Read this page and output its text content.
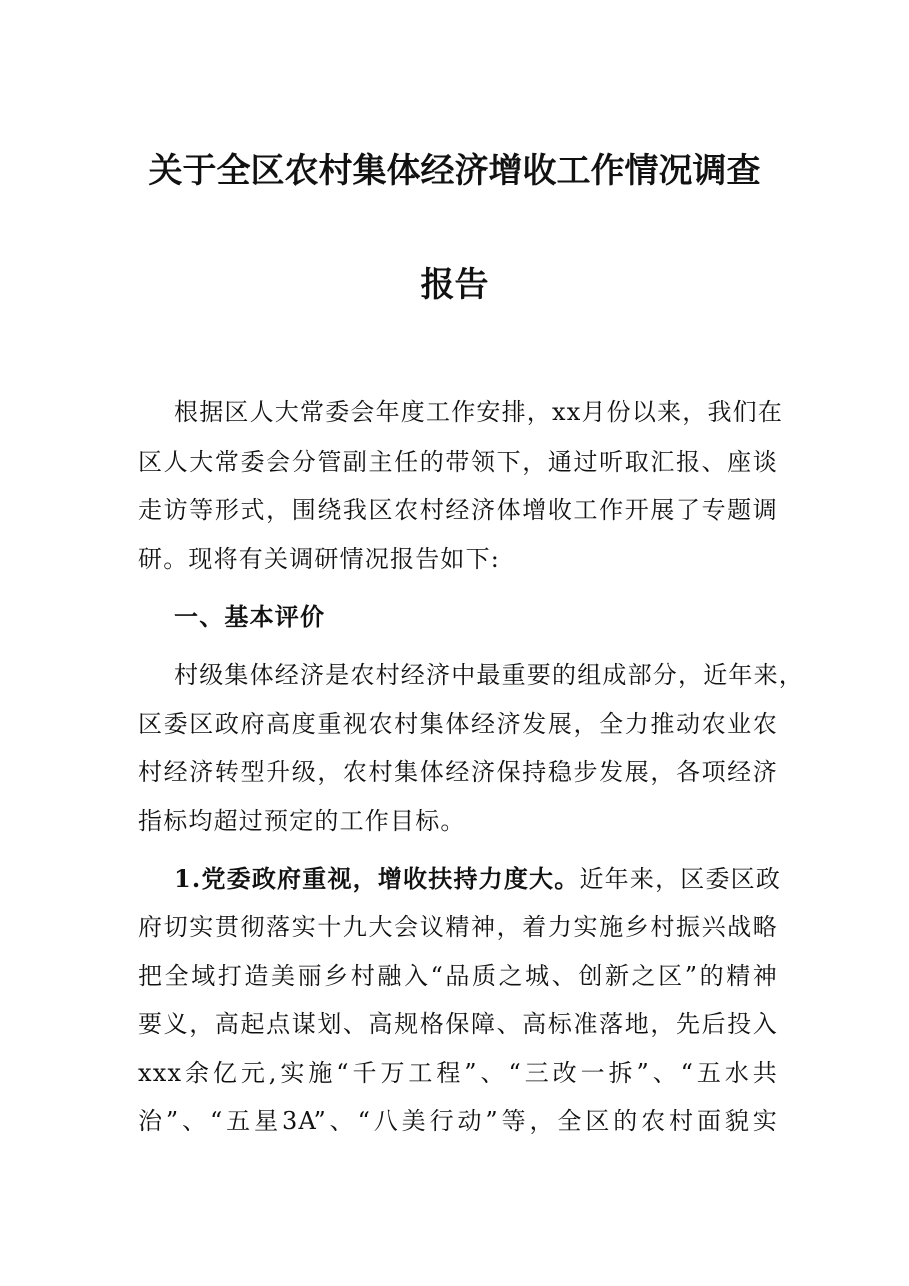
关于全区农村集体经济增收工作情况调查
报告
根据区人大常委会年度工作安排，xx月份以来，我们在
区人大常委会分管副主任的带领下，通过听取汇报、座谈
走访等形式，围绕我区农村经济体增收工作开展了专题调
研。现将有关调研情况报告如下:
一、基本评价
村级集体经济是农村经济中最重要的组成部分，近年来，
区委区政府高度重视农村集体经济发展，全力推动农业农
村经济转型升级，农村集体经济保持稳步发展，各项经济
指标均超过预定的工作目标。
1.党委政府重视，增收扶持力度大。近年来，区委区政
府切实贯彻落实十九大会议精神，着力实施乡村振兴战略
把全域打造美丽乡村融入“品质之城、创新之区”的精神
要义，高起点谋划、高规格保障、高标准落地，先后投入
xxx余亿元,实施“千万工程”、“三改一拆”、“五水共
治”、“五星3A”、“八美行动”等，全区的农村面貌实
